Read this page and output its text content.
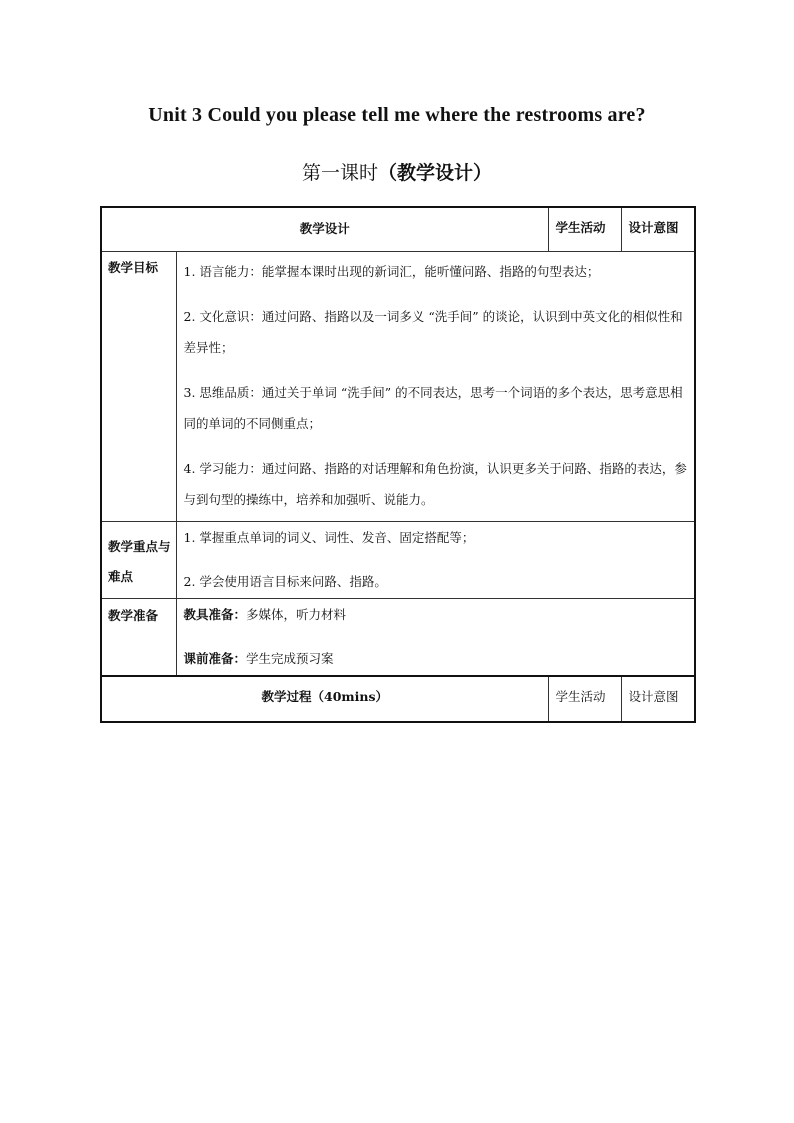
Unit 3 Could you please tell me where the restrooms are?
第一课时（教学设计）
教学设计		学生活动	设计意图
教学目标	1. 语言能力：能掌握本课时出现的新词汇，能听懂问路、指路的句型表达；

2. 文化意识：通过问路、指路以及一词多义 “洗手间” 的谈论，认识到中英文化的相似性和差异性；

3. 思维品质：通过关于单词 “洗手间” 的不同表达，思考一个词语的多个表达，思考意思相同的单词的不同侧重点；

4. 学习能力：通过问路、指路的对话理解和角色扮演，认识更多关于问路、指路的表达，参与到句型的操练中，培养和加强听、说能力。		

教学重点与难点	1. 掌握重点单词的词义、词性、发音、固定搭配等；

2. 学会使用语言目标来问路、指路。		

教学准备	教具准备：多媒体，听力材料

课前准备：学生完成预习案		

教学过程（40mins）		学生活动	设计意图
